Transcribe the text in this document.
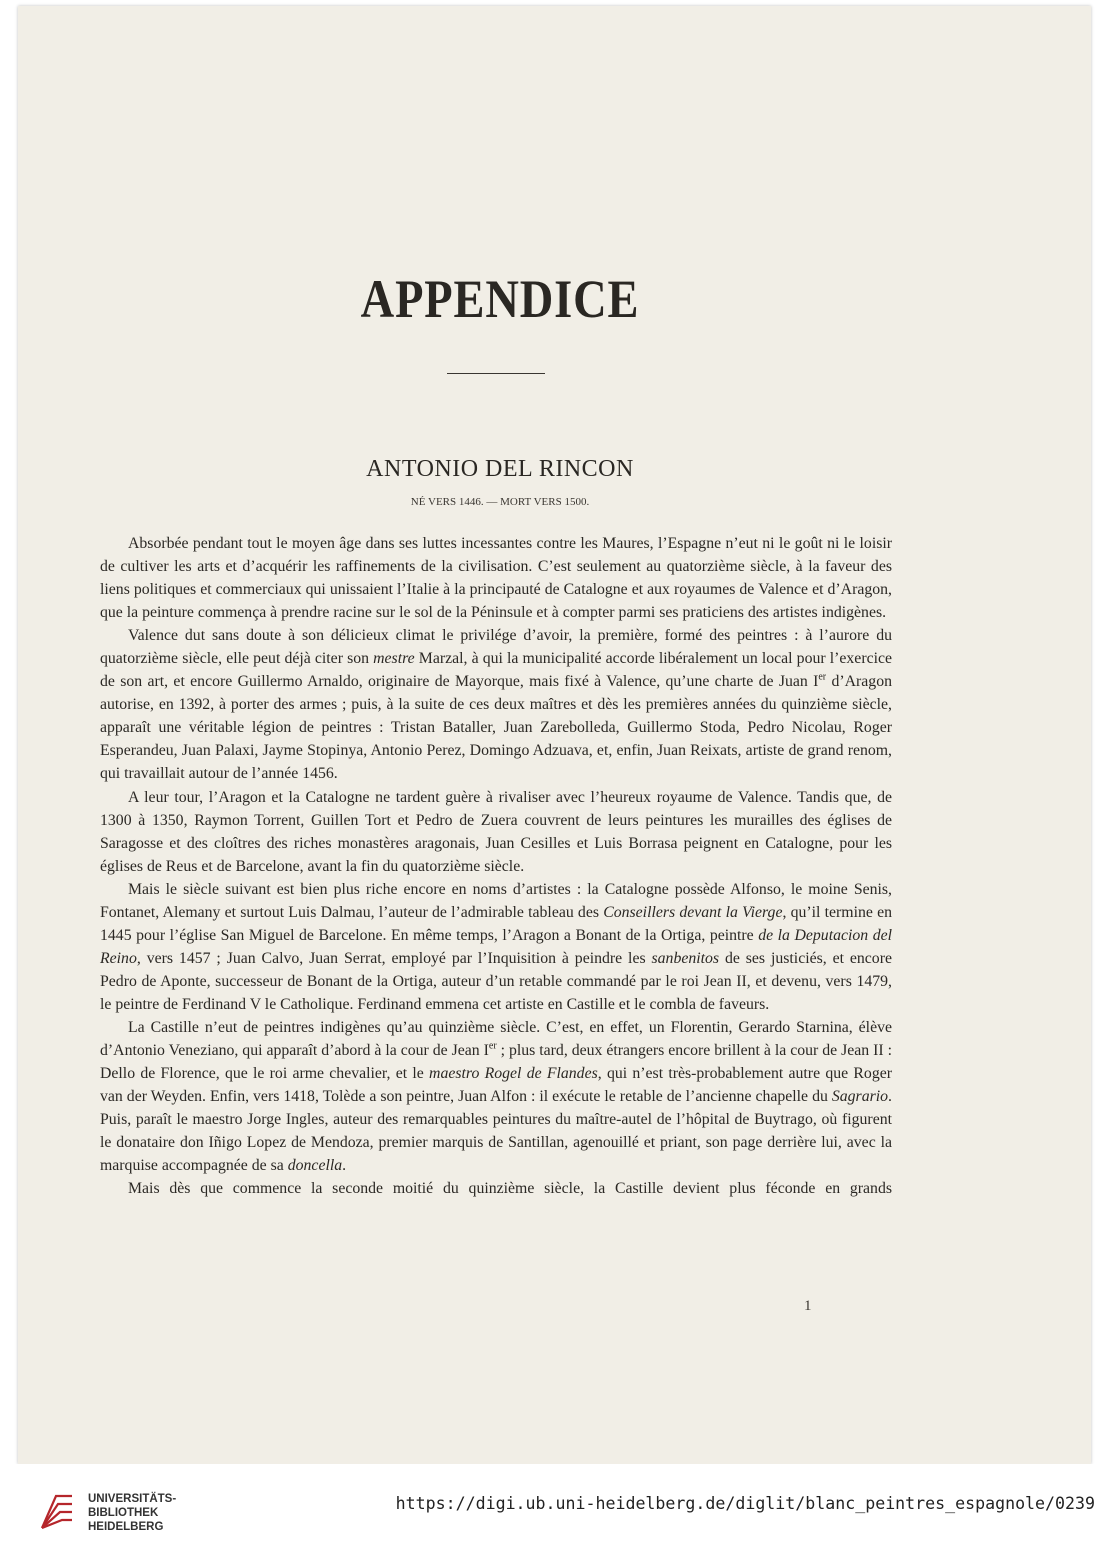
APPENDICE
ANTONIO DEL RINCON
NÉ VERS 1446. — MORT VERS 1500.

Absorbée pendant tout le moyen âge dans ses luttes incessantes contre les Maures, l’Espagne n’eut ni le goût ni le loisir de cultiver les arts et d’acquérir les raffinements de la civilisation. C’est seulement au quatorzième siècle, à la faveur des liens politiques et commerciaux qui unissaient l’Italie à la principauté de Catalogne et aux royaumes de Valence et d’Aragon, que la peinture commença à prendre racine sur le sol de la Péninsule et à compter parmi ses praticiens des artistes indigènes.

Valence dut sans doute à son délicieux climat le privilége d’avoir, la première, formé des peintres : à l’aurore du quatorzième siècle, elle peut déjà citer son mestre Marzal, à qui la municipalité accorde libéralement un local pour l’exercice de son art, et encore Guillermo Arnaldo, originaire de Mayorque, mais fixé à Valence, qu’une charte de Juan Ier d’Aragon autorise, en 1392, à porter des armes ; puis, à la suite de ces deux maîtres et dès les premières années du quinzième siècle, apparaît une véritable légion de peintres : Tristan Bataller, Juan Zarebolleda, Guillermo Stoda, Pedro Nicolau, Roger Esperandeu, Juan Palaxi, Jayme Stopinya, Antonio Perez, Domingo Adzuava, et, enfin, Juan Reixats, artiste de grand renom, qui travaillait autour de l’année 1456.

A leur tour, l’Aragon et la Catalogne ne tardent guère à rivaliser avec l’heureux royaume de Valence. Tandis que, de 1300 à 1350, Raymon Torrent, Guillen Tort et Pedro de Zuera couvrent de leurs peintures les murailles des églises de Saragosse et des cloîtres des riches monastères aragonais, Juan Cesilles et Luis Borrasa peignent en Catalogne, pour les églises de Reus et de Barcelone, avant la fin du quatorzième siècle.

Mais le siècle suivant est bien plus riche encore en noms d’artistes : la Catalogne possède Alfonso, le moine Senis, Fontanet, Alemany et surtout Luis Dalmau, l’auteur de l’admirable tableau des Conseillers devant la Vierge, qu’il termine en 1445 pour l’église San Miguel de Barcelone. En même temps, l’Aragon a Bonant de la Ortiga, peintre de la Deputacion del Reino, vers 1457 ; Juan Calvo, Juan Serrat, employé par l’Inquisition à peindre les sanbenitos de ses justiciés, et encore Pedro de Aponte, successeur de Bonant de la Ortiga, auteur d’un retable commandé par le roi Jean II, et devenu, vers 1479, le peintre de Ferdinand V le Catholique. Ferdinand emmena cet artiste en Castille et le combla de faveurs.

La Castille n’eut de peintres indigènes qu’au quinzième siècle. C’est, en effet, un Florentin, Gerardo Starnina, élève d’Antonio Veneziano, qui apparaît d’abord à la cour de Jean Ier ; plus tard, deux étrangers encore brillent à la cour de Jean II : Dello de Florence, que le roi arme chevalier, et le maestro Rogel de Flandes, qui n’est très-probablement autre que Roger van der Weyden. Enfin, vers 1418, Tolède a son peintre, Juan Alfon : il exécute le retable de l’ancienne chapelle du Sagrario. Puis, paraît le maestro Jorge Ingles, auteur des remarquables peintures du maître-autel de l’hôpital de Buytrago, où figurent le donataire don Iñigo Lopez de Mendoza, premier marquis de Santillan, agenouillé et priant, son page derrière lui, avec la marquise accompagnée de sa doncella.

Mais dès que commence la seconde moitié du quinzième siècle, la Castille devient plus féconde en grands

1
UNIVERSITÄTS-
BIBLIOTHEK
HEIDELBERG
https://digi.ub.uni-heidelberg.de/diglit/blanc_peintres_espagnole/0239
